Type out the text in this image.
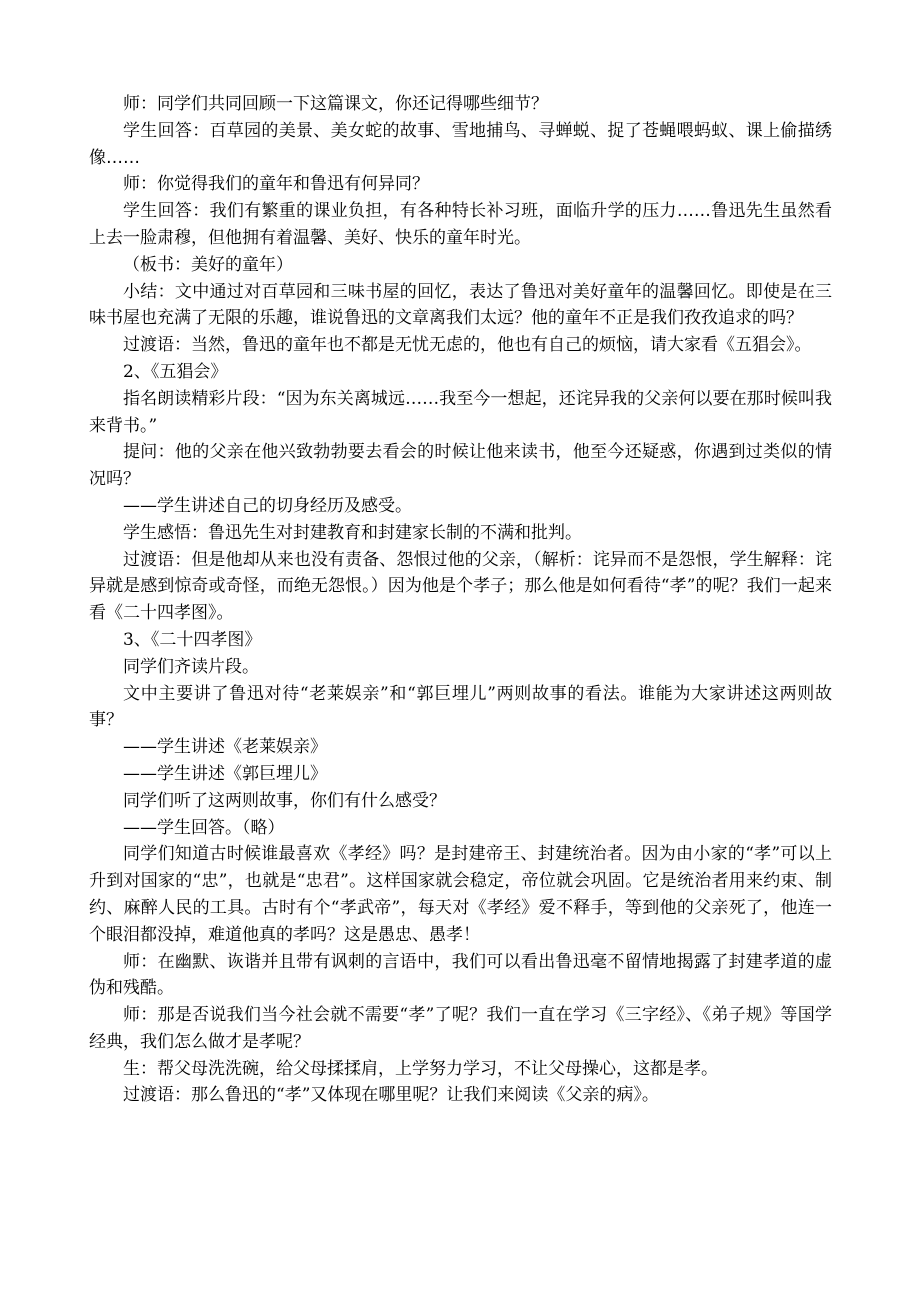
师：同学们共同回顾一下这篇课文，你还记得哪些细节？

学生回答：百草园的美景、美女蛇的故事、雪地捕鸟、寻蝉蜕、捉了苍蝇喂蚂蚁、课上偷描绣像……

师：你觉得我们的童年和鲁迅有何异同？

学生回答：我们有繁重的课业负担，有各种特长补习班，面临升学的压力……鲁迅先生虽然看上去一脸肃穆，但他拥有着温馨、美好、快乐的童年时光。

（板书：美好的童年）

小结：文中通过对百草园和三味书屋的回忆，表达了鲁迅对美好童年的温馨回忆。即使是在三味书屋也充满了无限的乐趣，谁说鲁迅的文章离我们太远？他的童年不正是我们孜孜追求的吗？

过渡语：当然，鲁迅的童年也不都是无忧无虑的，他也有自己的烦恼，请大家看《五猖会》。

2、《五猖会》

指名朗读精彩片段：“因为东关离城远……我至今一想起，还诧异我的父亲何以要在那时候叫我来背书。”

提问：他的父亲在他兴致勃勃要去看会的时候让他来读书，他至今还疑惑，你遇到过类似的情况吗？

——学生讲述自己的切身经历及感受。

学生感悟：鲁迅先生对封建教育和封建家长制的不满和批判。

过渡语：但是他却从来也没有责备、怨恨过他的父亲，（解析：诧异而不是怨恨，学生解释：诧异就是感到惊奇或奇怪，而绝无怨恨。）因为他是个孝子；那么他是如何看待“孝”的呢？我们一起来看《二十四孝图》。

3、《二十四孝图》

同学们齐读片段。

文中主要讲了鲁迅对待“老莱娱亲”和“郭巨埋儿”两则故事的看法。谁能为大家讲述这两则故事？

——学生讲述《老莱娱亲》

——学生讲述《郭巨埋儿》

同学们听了这两则故事，你们有什么感受？

——学生回答。（略）

同学们知道古时候谁最喜欢《孝经》吗？是封建帝王、封建统治者。因为由小家的“孝”可以上升到对国家的“忠”，也就是“忠君”。这样国家就会稳定，帝位就会巩固。它是统治者用来约束、制约、麻醉人民的工具。古时有个“孝武帝”，每天对《孝经》爱不释手，等到他的父亲死了，他连一个眼泪都没掉，难道他真的孝吗？这是愚忠、愚孝！

师：在幽默、诙谐并且带有讽刺的言语中，我们可以看出鲁迅毫不留情地揭露了封建孝道的虚伪和残酷。

师：那是否说我们当今社会就不需要“孝”了呢？我们一直在学习《三字经》、《弟子规》等国学经典，我们怎么做才是孝呢？

生：帮父母洗洗碗，给父母揉揉肩，上学努力学习，不让父母操心，这都是孝。

过渡语：那么鲁迅的“孝”又体现在哪里呢？让我们来阅读《父亲的病》。
